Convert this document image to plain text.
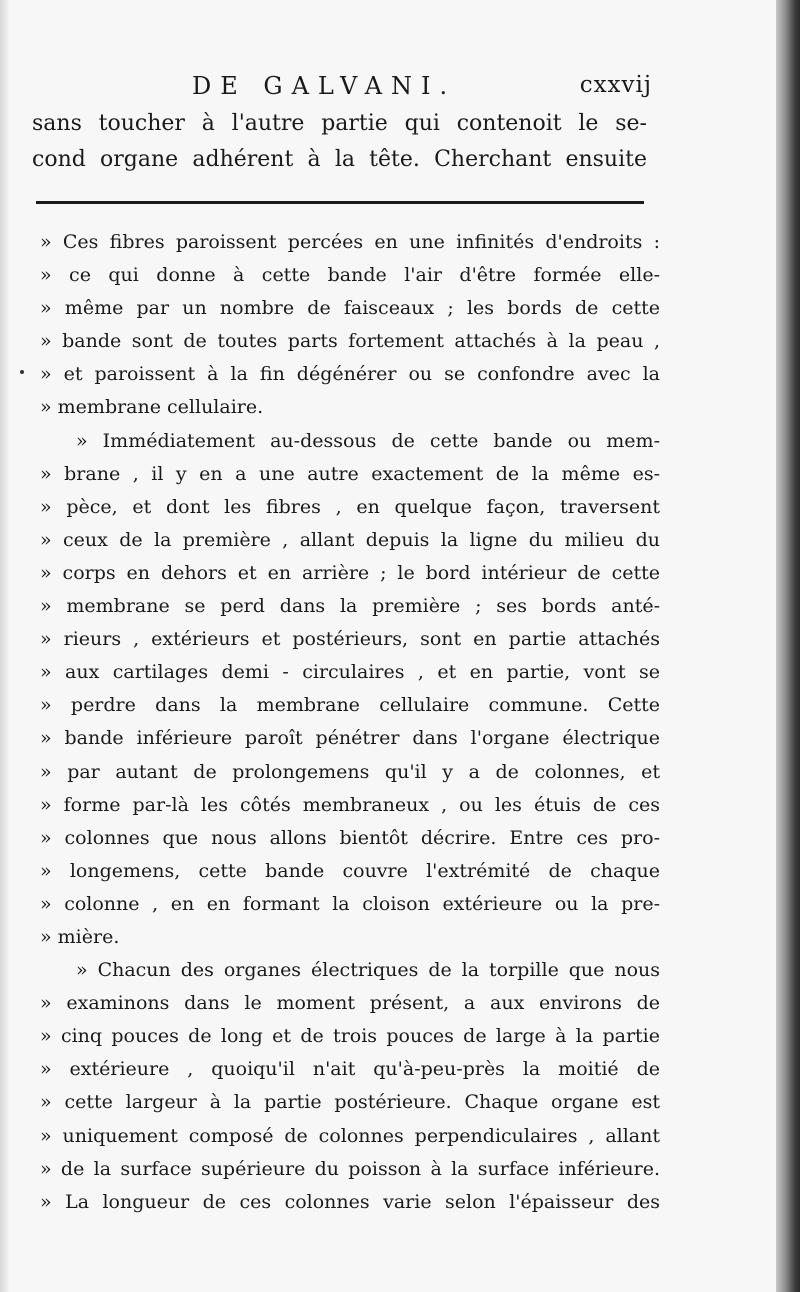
DE GALVANI.	cxxvij
sans toucher à l'autre partie qui contenoit le se-
cond organe adhérent à la tête. Cherchant ensuite
» Ces fibres paroissent percées en une infinités d'endroits :
» ce qui donne à cette bande l'air d'être formée elle-
» même par un nombre de faisceaux ; les bords de cette
» bande sont de toutes parts fortement attachés à la peau ,
» et paroissent à la fin dégénérer ou se confondre avec la
» membrane cellulaire.
» Immédiatement au-dessous de cette bande ou mem-
» brane , il y en a une autre exactement de la même es-
» pèce, et dont les fibres , en quelque façon, traversent
» ceux de la première , allant depuis la ligne du milieu du
» corps en dehors et en arrière ; le bord intérieur de cette
» membrane se perd dans la première ; ses bords anté-
» rieurs , extérieurs et postérieurs, sont en partie attachés
» aux cartilages demi - circulaires , et en partie, vont se
» perdre dans la membrane cellulaire commune. Cette
» bande inférieure paroît pénétrer dans l'organe électrique
» par autant de prolongemens qu'il y a de colonnes, et
» forme par-là les côtés membraneux , ou les étuis de ces
» colonnes que nous allons bientôt décrire. Entre ces pro-
» longemens, cette bande couvre l'extrémité de chaque
» colonne , en en formant la cloison extérieure ou la pre-
» mière.
» Chacun des organes électriques de la torpille que nous
» examinons dans le moment présent, a aux environs de
» cinq pouces de long et de trois pouces de large à la partie
» extérieure , quoiqu'il n'ait qu'à-peu-près la moitié de
» cette largeur à la partie postérieure. Chaque organe est
» uniquement composé de colonnes perpendiculaires , allant
» de la surface supérieure du poisson à la surface inférieure.
» La longueur de ces colonnes varie selon l'épaisseur des
